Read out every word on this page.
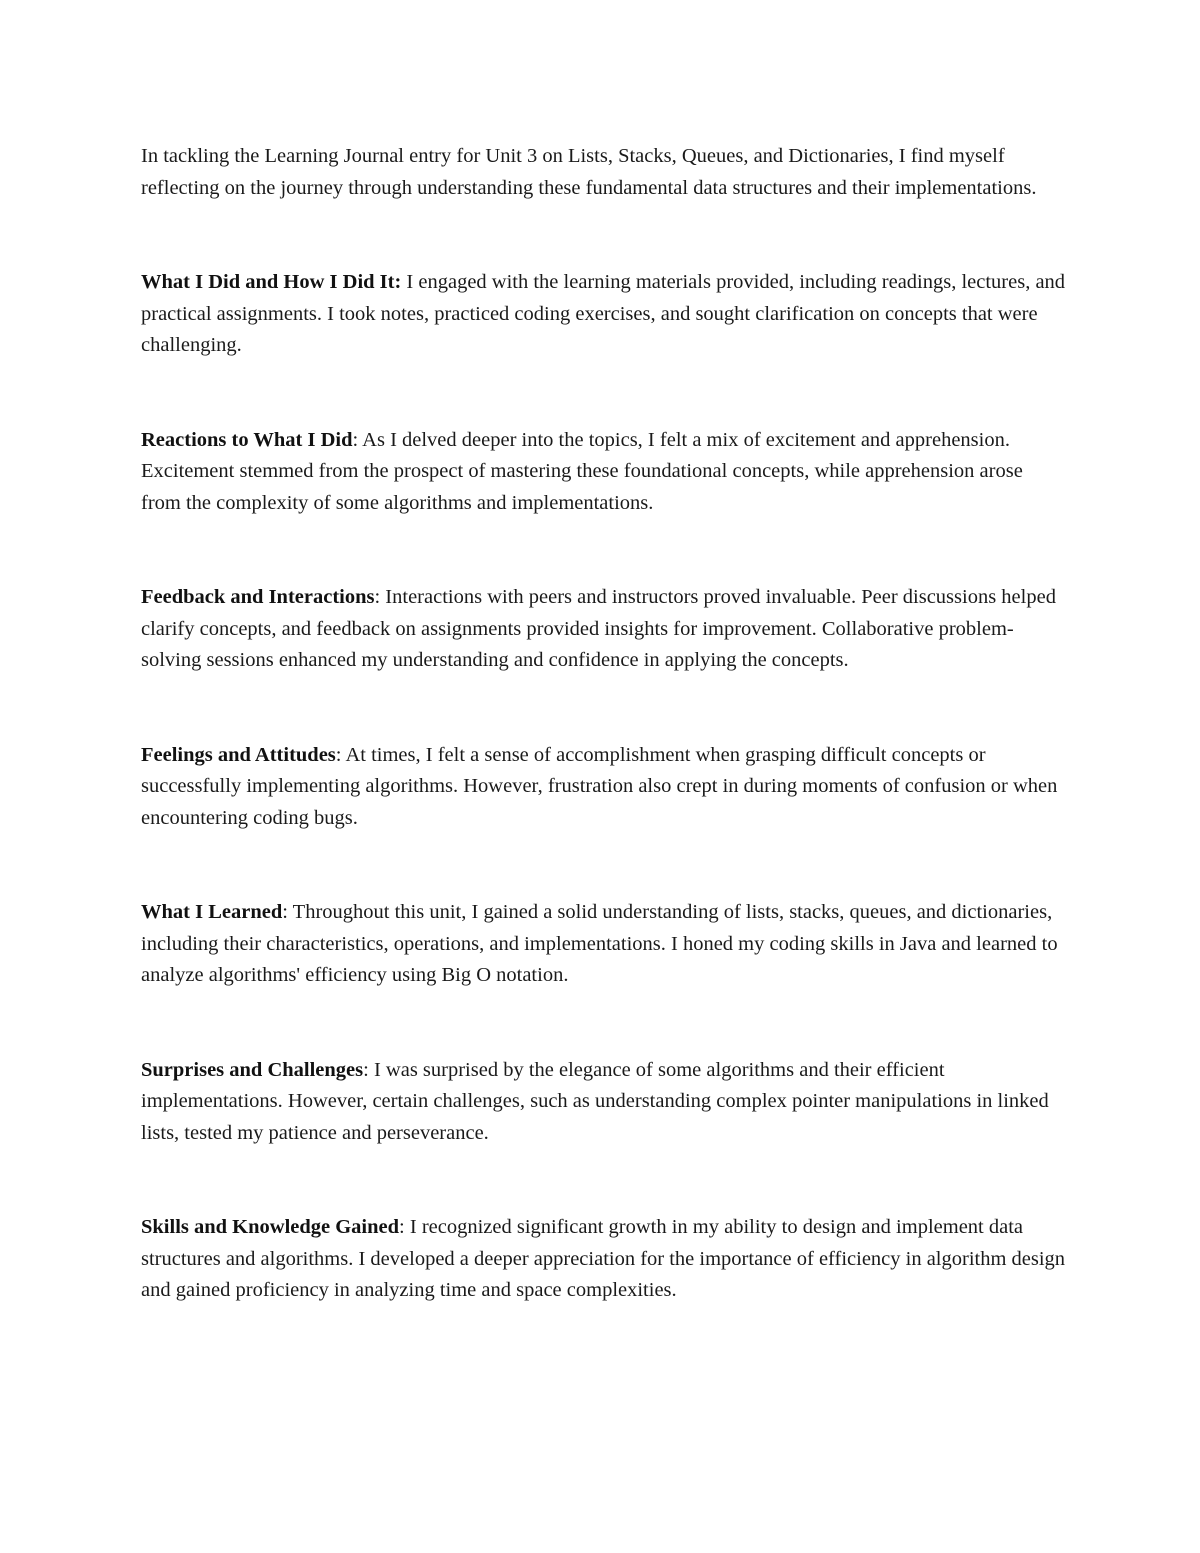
In tackling the Learning Journal entry for Unit 3 on Lists, Stacks, Queues, and Dictionaries, I find myself reflecting on the journey through understanding these fundamental data structures and their implementations.

What I Did and How I Did It: I engaged with the learning materials provided, including readings, lectures, and practical assignments. I took notes, practiced coding exercises, and sought clarification on concepts that were challenging.

Reactions to What I Did: As I delved deeper into the topics, I felt a mix of excitement and apprehension. Excitement stemmed from the prospect of mastering these foundational concepts, while apprehension arose from the complexity of some algorithms and implementations.

Feedback and Interactions: Interactions with peers and instructors proved invaluable. Peer discussions helped clarify concepts, and feedback on assignments provided insights for improvement. Collaborative problem-solving sessions enhanced my understanding and confidence in applying the concepts.

Feelings and Attitudes: At times, I felt a sense of accomplishment when grasping difficult concepts or successfully implementing algorithms. However, frustration also crept in during moments of confusion or when encountering coding bugs.

What I Learned: Throughout this unit, I gained a solid understanding of lists, stacks, queues, and dictionaries, including their characteristics, operations, and implementations. I honed my coding skills in Java and learned to analyze algorithms' efficiency using Big O notation.

Surprises and Challenges: I was surprised by the elegance of some algorithms and their efficient implementations. However, certain challenges, such as understanding complex pointer manipulations in linked lists, tested my patience and perseverance.

Skills and Knowledge Gained: I recognized significant growth in my ability to design and implement data structures and algorithms. I developed a deeper appreciation for the importance of efficiency in algorithm design and gained proficiency in analyzing time and space complexities.
